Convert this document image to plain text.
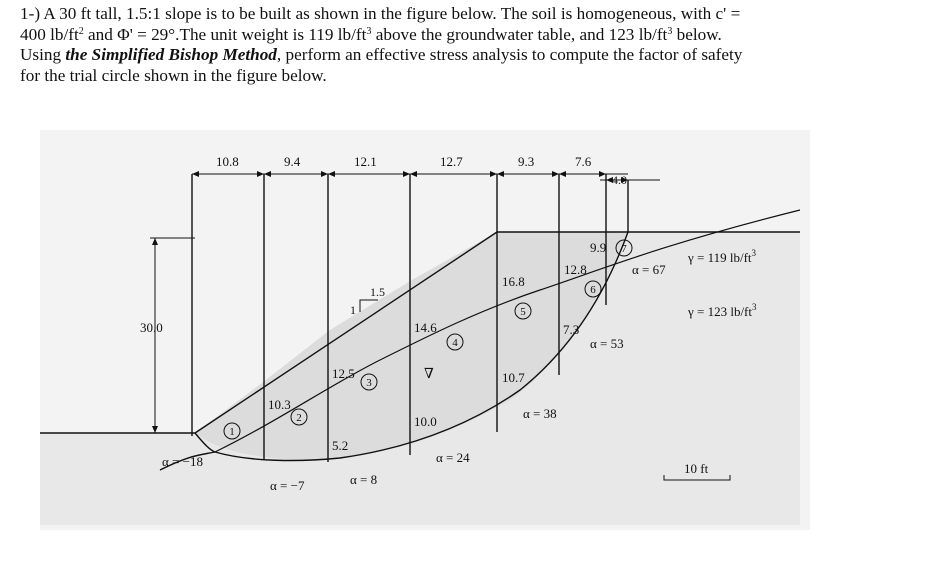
1-) A 30 ft tall, 1.5:1 slope is to be built as shown in the figure below. The soil is homogeneous, with c' =

400 $lb/ft^2$ and Φ' = 29°.The unit weight is 119 $lb/ft^3$ above the groundwater table, and 123 $lb/ft^3$ below.

Using the Simplified Bishop Method, perform an effective stress analysis to compute the factor of safety

for the trial circle shown in the figure below.

10.8	9.4	12.1	12.7	9.3	7.6
4.0
30.0
1.5
1
10.3
5.2
12.5
14.6
10.0
16.8
10.7
12.8
7.3
9.9
1
2
3
4
5
6
7
α = −18
α = −7	α = 8
α = 24
α = 38
α = 53
α = 67
∇
γ = 119 $lb/ft^3$
γ = 123 $lb/ft^3$
10 ft
